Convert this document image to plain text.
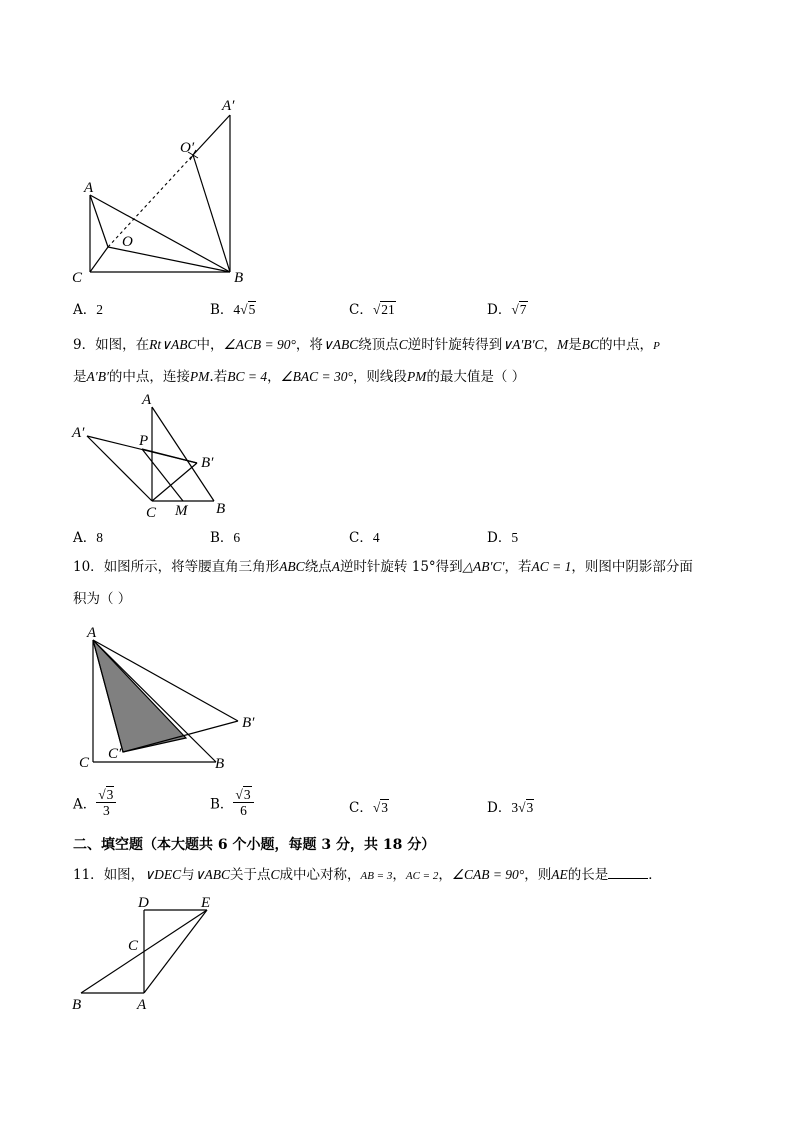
A′
O′
A
O
C	B
A．2	B．4√5	C．√21	D．√7
9．如图，在Rt∨ABC中，∠ACB = 90°，将∨ABC绕顶点C逆时针旋转得到∨A′B′C，M是BC的中点，P
是A′B′的中点，连接PM.若BC = 4，∠BAC = 30°，则线段PM的最大值是（ ）
A
A′	P
B′
C M B
A．8	B．6	C．4	D．5
10．如图所示，将等腰直角三角形ABC绕点A逆时针旋转 15°得到△AB′C′，若AC = 1，则图中阴影部分面
积为（ ）
A
B′
C′
C	B
A． $\frac{√3}{3}$	B． $\frac{√3}{6}$	C．√3	D．3√3
二、填空题（本大题共 6 个小题，每题 3 分，共 18 分）
11．如图，∨DEC与∨ABC关于点C成中心对称，AB = 3，AC = 2，∠CAB = 90°，则AE的长是	．
D	E
C
B	A
